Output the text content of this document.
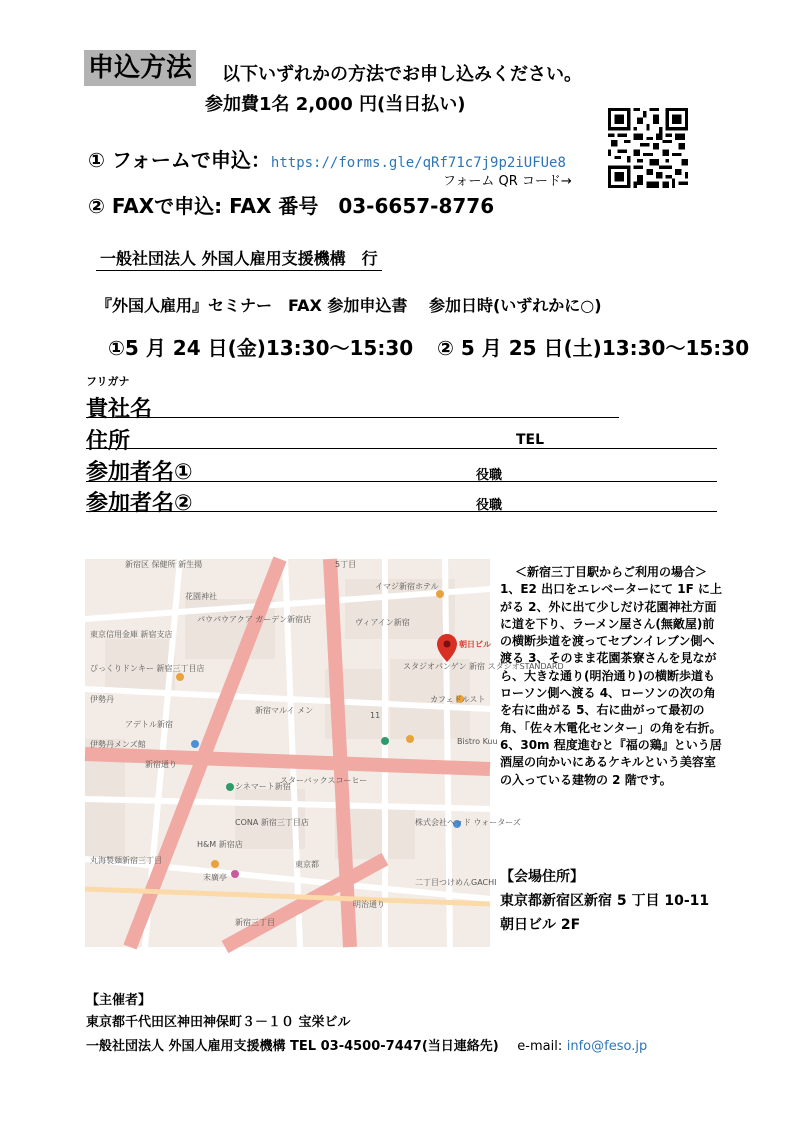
申込方法 以下いずれかの方法でお申し込みください。
参加費1名 2,000 円(当日払い)
① フォームで申込：https://forms.gle/qRf71c7j9p2iUFUe8
フォーム QR コード→
② FAXで申込: FAX 番号　03-6657-8776
一般社団法人 外国人雇用支援機構　行
『外国人雇用』セミナー　FAX 参加申込書　 参加日時(いずれかに○)
①5 月 24 日(金)13:30～15:30 ② 5 月 25 日(土)13:30～15:30
フリガナ
貴社名
住所	TEL
参加者名①	役職
参加者名②	役職
新宿区 保健所 新生揚
花園神社
パウパウアクア ガーデン新宿店
東京信用金庫 新宿支店
ぴっくりドンキー 新宿三丁目店
伊勢丹
伊勢丹メンズ館
アデトル新宿
シネマート新宿
H&M 新宿店
丸海製麺新宿三丁目
末廣亭
新宿三丁目
イマジ新宿ホテル
ヴィアイン新宿
朝日ビル
スタジオパンゲン 新宿 スタジオSTANDARD
カフェドルスト
Bistro Kuu
スターバックスコーヒー
新宿マルイ メン
株式会社ヘッド ウォーターズ
二丁目つけめんGACHI
東京都
CONA 新宿三丁目店
新宿通り
明治通り
5丁目
11
＜新宿三丁目駅からご利用の場合＞
1、E2 出口をエレベーターにて 1F に上がる 2、外に出て少しだけ花園神社方面に道を下り、ラーメン屋さん(無敵屋)前の横断歩道を渡ってセブンイレブン側へ渡る 3、そのまま花園茶寮さんを見ながら、大きな通り(明治通り)の横断歩道もローソン側へ渡る 4、ローソンの次の角を右に曲がる 5、右に曲がって最初の角、「佐々木電化センター」の角を右折。 6、30m 程度進むと『福の鶏』という居酒屋の向かいにあるケキルという美容室の入っている建物の 2 階です。
【会場住所】
東京都新宿区新宿 5 丁目 10-11
朝日ビル 2F
【主催者】
東京都千代田区神田神保町３－１０ 宝栄ビル
一般社団法人 外国人雇用支援機構 TEL 03-4500-7447(当日連絡先) e-mail: info@feso.jp
